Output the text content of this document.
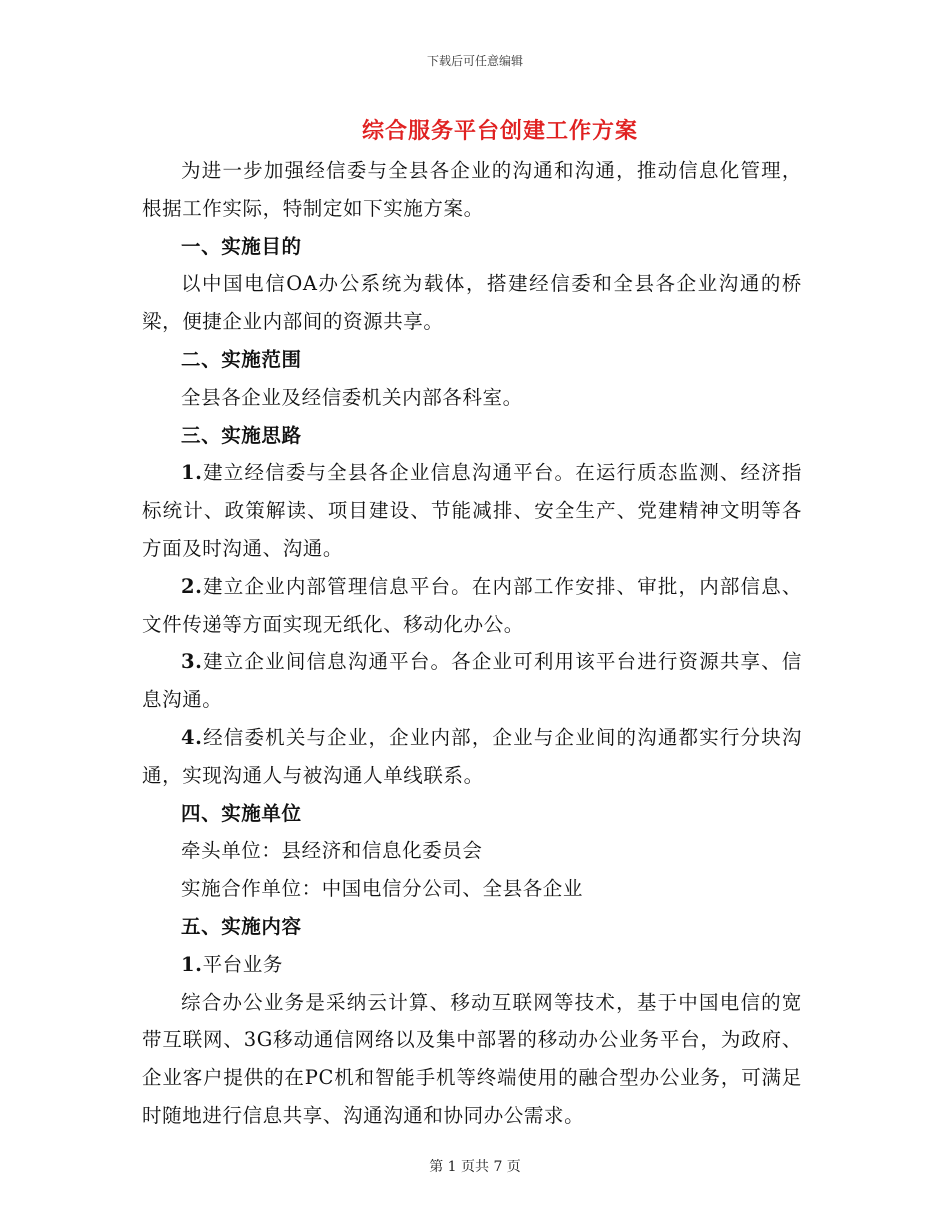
下载后可任意编辑
综合服务平台创建工作方案

为进一步加强经信委与全县各企业的沟通和沟通，推动信息化管理，根据工作实际，特制定如下实施方案。

一、实施目的

以中国电信OA办公系统为载体，搭建经信委和全县各企业沟通的桥梁，便捷企业内部间的资源共享。

二、实施范围

全县各企业及经信委机关内部各科室。

三、实施思路

1.建立经信委与全县各企业信息沟通平台。在运行质态监测、经济指标统计、政策解读、项目建设、节能减排、安全生产、党建精神文明等各方面及时沟通、沟通。

2.建立企业内部管理信息平台。在内部工作安排、审批，内部信息、文件传递等方面实现无纸化、移动化办公。

3.建立企业间信息沟通平台。各企业可利用该平台进行资源共享、信息沟通。

4.经信委机关与企业，企业内部，企业与企业间的沟通都实行分块沟通，实现沟通人与被沟通人单线联系。

四、实施单位

牵头单位：县经济和信息化委员会

实施合作单位：中国电信分公司、全县各企业

五、实施内容

1.平台业务

综合办公业务是采纳云计算、移动互联网等技术，基于中国电信的宽带互联网、3G移动通信网络以及集中部署的移动办公业务平台，为政府、企业客户提供的在PC机和智能手机等终端使用的融合型办公业务，可满足时随地进行信息共享、沟通沟通和协同办公需求。

第 1 页共 7 页
